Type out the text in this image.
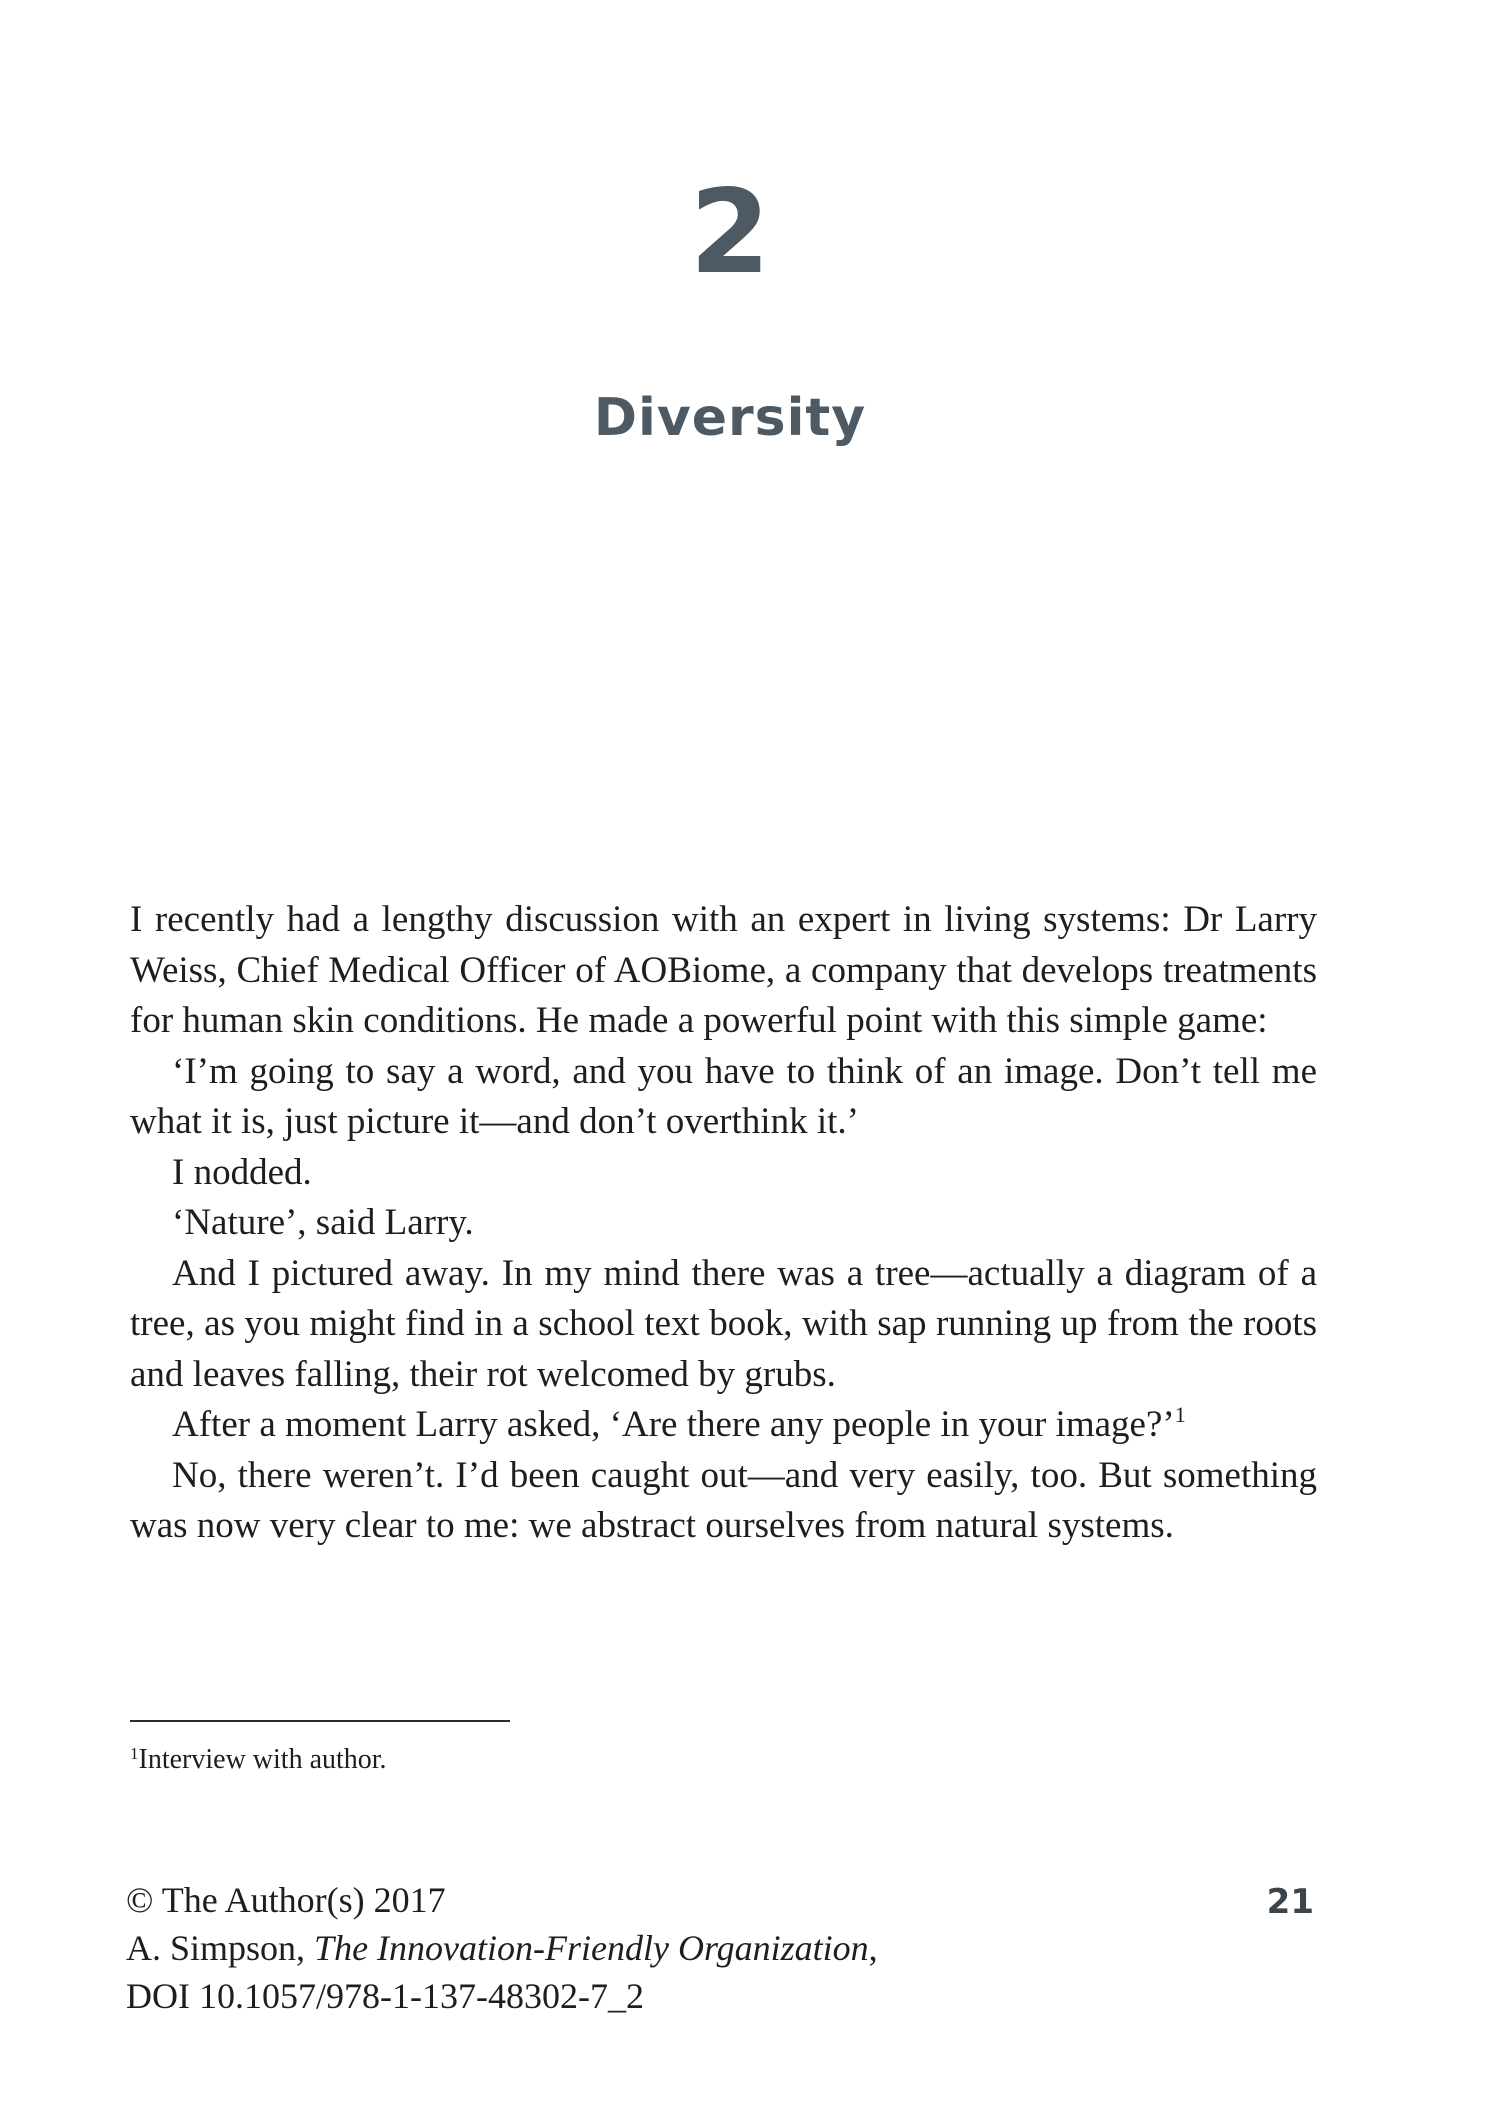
2
Diversity

I recently had a lengthy discussion with an expert in living systems: Dr Larry Weiss, Chief Medical Officer of AOBiome, a company that develops treatments for human skin conditions. He made a powerful point with this simple game:

‘I’m going to say a word, and you have to think of an image. Don’t tell me what it is, just picture it—and don’t overthink it.’

I nodded.

‘Nature’, said Larry.

And I pictured away. In my mind there was a tree—actually a diagram of a tree, as you might find in a school text book, with sap running up from the roots and leaves falling, their rot welcomed by grubs.

After a moment Larry asked, ‘Are there any people in your image?’$^1$

No, there weren’t. I’d been caught out—and very easily, too. But something was now very clear to me: we abstract ourselves from natural systems.

$^1$Interview with author.
© The Author(s) 2017
A. Simpson, The Innovation-Friendly Organization,
DOI 10.1057/978-1-137-48302-7_2
21
